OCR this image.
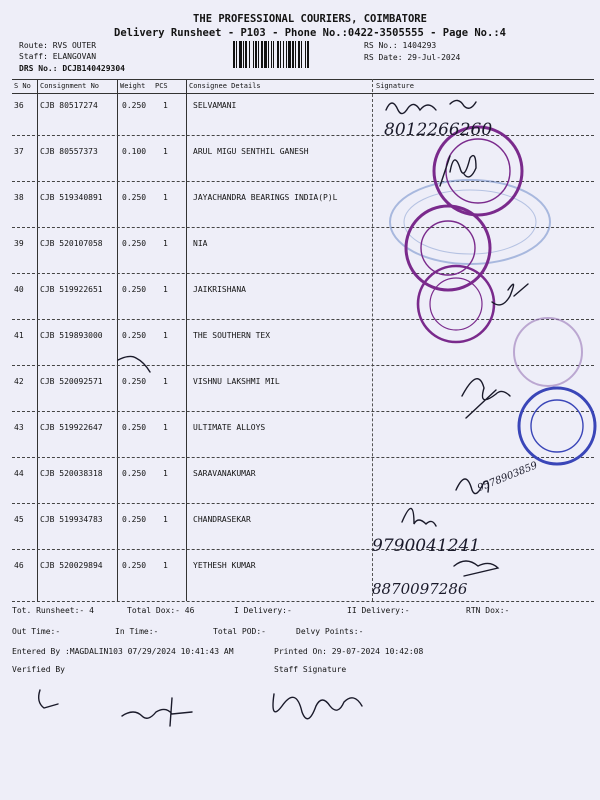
THE PROFESSIONAL COURIERS, COIMBATORE
Delivery Runsheet - P103 - Phone No.:0422-3505555 - Page No.:4
Route: RVS OUTER
Staff: ELANGOVAN
DRS No.: DCJB140429304
RS No.: 1404293
RS Date: 29-Jul-2024
S No Consignment No	Weight PCS	Consignee Details	Signature
36 CJB 80517274	0.250 1	SELVAMANI
37 CJB 80557373	0.100 1	ARUL MIGU SENTHIL GANESH
38 CJB 519340891 0.250 1	JAYACHANDRA BEARINGS INDIA(P)L
39 CJB 520107058 0.250 1	NIA
40 CJB 519922651 0.250 1	JAIKRISHANA
41 CJB 519893000 0.250 1	THE SOUTHERN TEX
42 CJB 520092571 0.250 1	VISHNU LAKSHMI MIL
43 CJB 519922647 0.250 1	ULTIMATE ALLOYS
44 CJB 520038318 0.250 1	SARAVANAKUMAR
45 CJB 519934783 0.250 1	CHANDRASEKAR
46 CJB 520029894 0.250 1	YETHESH KUMAR
Tot. Runsheet:- 4	Total Dox:- 46	I Delivery:-	II Delivery:-	RTN Dox:-
Out Time:-	In Time:-	Total POD:-	Delvy Points:-
Entered By :MAGDALIN103 07/29/2024 10:41:43 AM	Printed On: 29-07-2024 10:42:08
Verified By	Staff Signature
8012266260
9578903859
9790041241
8870097286
